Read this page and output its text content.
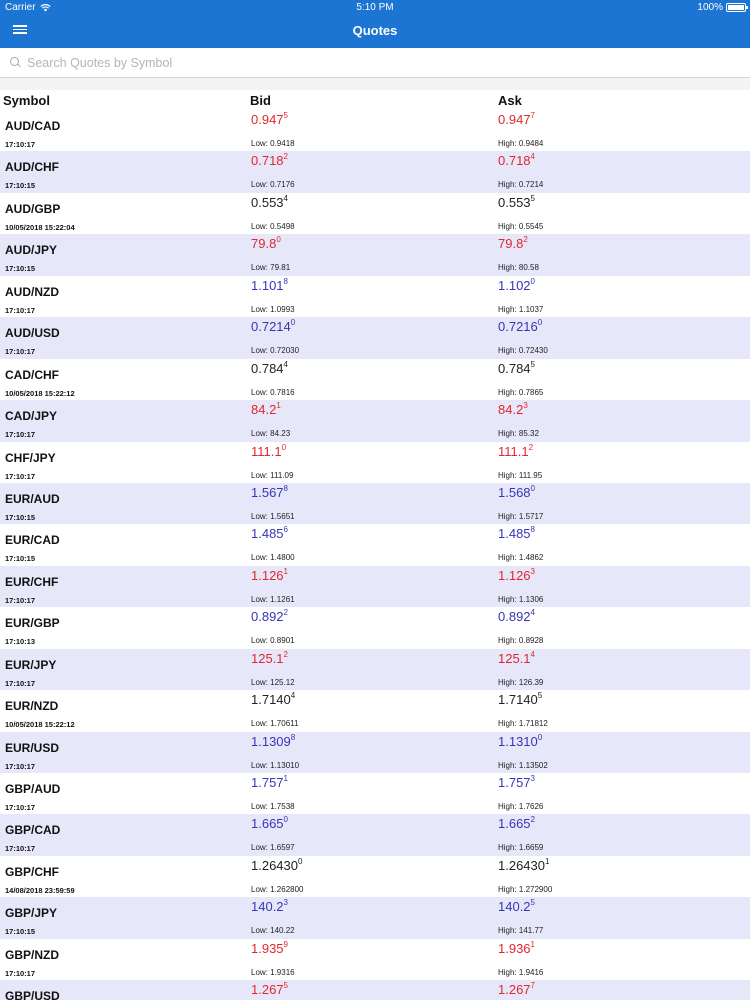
Carrier	5:10 PM	100%
Quotes
Search Quotes by Symbol
Symbol	Bid	Ask
AUD/CAD
17:10:17
0.947$^5$	0.947$^7$
Low: 0.9418	High: 0.9484
AUD/CHF
17:10:15
0.718$^2$	0.718$^4$
Low: 0.7176	High: 0.7214
AUD/GBP
10/05/2018 15:22:04
0.553$^4$	0.553$^5$
Low: 0.5498	High: 0.5545
AUD/JPY
17:10:15
79.8$^0$	79.8$^2$
Low: 79.81	High: 80.58
AUD/NZD
17:10:17
1.101$^8$	1.102$^0$
Low: 1.0993	High: 1.1037
AUD/USD
17:10:17
0.7214$^0$	0.7216$^0$
Low: 0.72030	High: 0.72430
CAD/CHF
10/05/2018 15:22:12
0.784$^4$	0.784$^5$
Low: 0.7816	High: 0.7865
CAD/JPY
17:10:17
84.2$^1$	84.2$^3$
Low: 84.23	High: 85.32
CHF/JPY
17:10:17
111.1$^0$	111.1$^2$
Low: 111.09	High: 111.95
EUR/AUD
17:10:15
1.567$^8$	1.568$^0$
Low: 1.5651	High: 1.5717
EUR/CAD
17:10:15
1.485$^6$	1.485$^8$
Low: 1.4800	High: 1.4862
EUR/CHF
17:10:17
1.126$^1$	1.126$^3$
Low: 1.1261	High: 1.1306
EUR/GBP
17:10:13
0.892$^2$	0.892$^4$
Low: 0.8901	High: 0.8928
EUR/JPY
17:10:17
125.1$^2$	125.1$^4$
Low: 125.12	High: 126.39
EUR/NZD
10/05/2018 15:22:12
1.7140$^4$	1.7140$^5$
Low: 1.70611	High: 1.71812
EUR/USD
17:10:17
1.1309$^8$	1.1310$^0$
Low: 1.13010	High: 1.13502
GBP/AUD
17:10:17
1.757$^1$	1.757$^3$
Low: 1.7538	High: 1.7626
GBP/CAD
17:10:17
1.665$^0$	1.665$^2$
Low: 1.6597	High: 1.6659
GBP/CHF
14/08/2018 23:59:59
1.26430$^0$	1.26430$^1$
Low: 1.262800	High: 1.272900
GBP/JPY
17:10:15
140.2$^3$	140.2$^5$
Low: 140.22	High: 141.77
GBP/NZD
17:10:17
1.935$^9$	1.936$^1$
Low: 1.9316	High: 1.9416
GBP/USD	1.267$^5$	1.267$^7$
